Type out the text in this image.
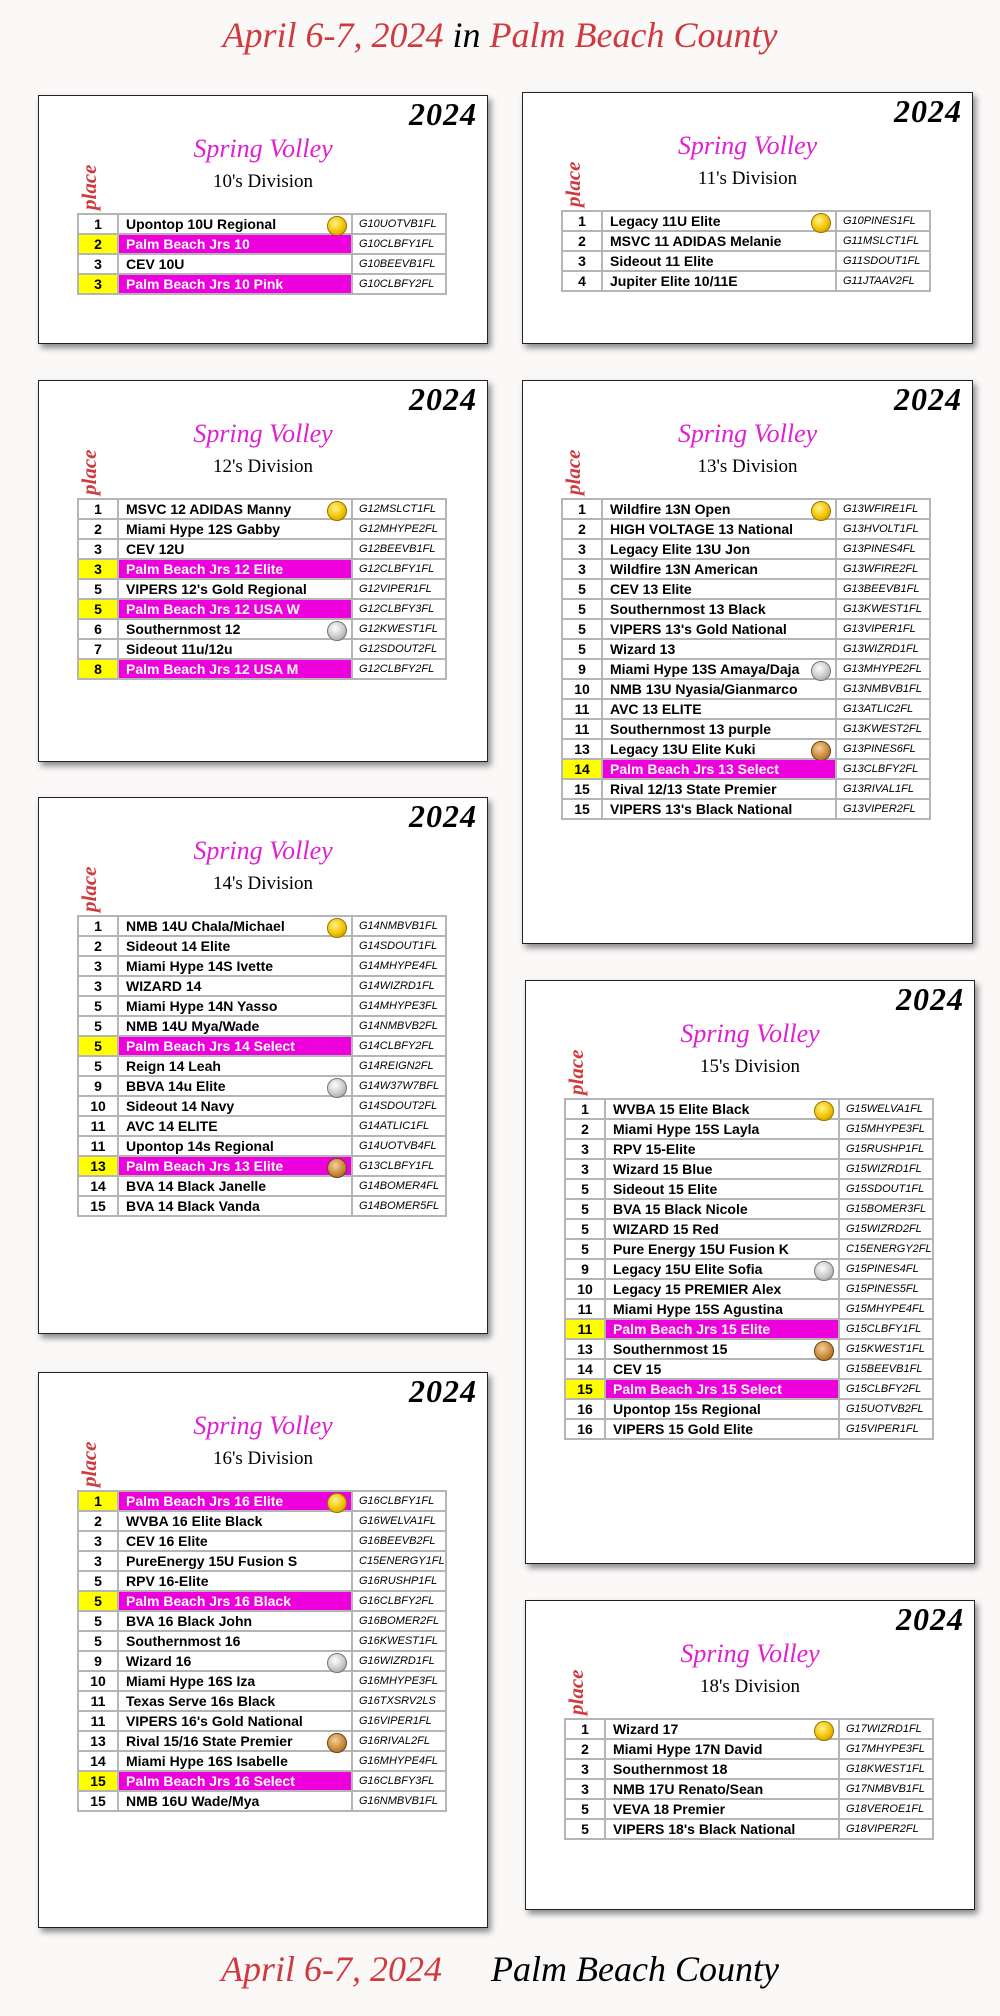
April 6-7, 2024 in Palm Beach County
2024
place
Spring Volley
10's Division
1	Upontop 10U Regional	G10UOTVB1FL
2	Palm Beach Jrs 10	G10CLBFY1FL
3	CEV 10U	G10BEEVB1FL
3	Palm Beach Jrs 10 Pink	G10CLBFY2FL
2024
place
Spring Volley
11's Division
1	Legacy 11U Elite	G10PINES1FL
2	MSVC 11 ADIDAS Melanie	G11MSLCT1FL
3	Sideout 11 Elite	G11SDOUT1FL
4	Jupiter Elite 10/11E	G11JTAAV2FL
2024
place
Spring Volley
12's Division
1	MSVC 12 ADIDAS Manny	G12MSLCT1FL
2	Miami Hype 12S Gabby	G12MHYPE2FL
3	CEV 12U	G12BEEVB1FL
3	Palm Beach Jrs 12 Elite	G12CLBFY1FL
5	VIPERS 12's Gold Regional	G12VIPER1FL
5	Palm Beach Jrs 12 USA W	G12CLBFY3FL
6	Southernmost 12	G12KWEST1FL
7	Sideout 11u/12u	G12SDOUT2FL
8	Palm Beach Jrs 12 USA M	G12CLBFY2FL
2024
place
Spring Volley
13's Division
1	Wildfire 13N Open	G13WFIRE1FL
2	HIGH VOLTAGE 13 National	G13HVOLT1FL
3	Legacy Elite 13U Jon	G13PINES4FL
3	Wildfire 13N American	G13WFIRE2FL
5	CEV 13 Elite	G13BEEVB1FL
5	Southernmost 13 Black	G13KWEST1FL
5	VIPERS 13's Gold National	G13VIPER1FL
5	Wizard 13	G13WIZRD1FL
9	Miami Hype 13S Amaya/Daja	G13MHYPE2FL
10	NMB 13U Nyasia/Gianmarco	G13NMBVB1FL
11	AVC 13 ELITE	G13ATLIC2FL
11	Southernmost 13 purple	G13KWEST2FL
13	Legacy 13U Elite Kuki	G13PINES6FL
14	Palm Beach Jrs 13 Select	G13CLBFY2FL
15	Rival 12/13 State Premier	G13RIVAL1FL
15	VIPERS 13's Black National	G13VIPER2FL
2024
place
Spring Volley
14's Division
1	NMB 14U Chala/Michael	G14NMBVB1FL
2	Sideout 14 Elite	G14SDOUT1FL
3	Miami Hype 14S Ivette	G14MHYPE4FL
3	WIZARD 14	G14WIZRD1FL
5	Miami Hype 14N Yasso	G14MHYPE3FL
5	NMB 14U Mya/Wade	G14NMBVB2FL
5	Palm Beach Jrs 14 Select	G14CLBFY2FL
5	Reign 14 Leah	G14REIGN2FL
9	BBVA 14u Elite	G14W37W7BFL
10	Sideout 14 Navy	G14SDOUT2FL
11	AVC 14 ELITE	G14ATLIC1FL
11	Upontop 14s Regional	G14UOTVB4FL
13	Palm Beach Jrs 13 Elite	G13CLBFY1FL
14	BVA 14 Black Janelle	G14BOMER4FL
15	BVA 14 Black Vanda	G14BOMER5FL
2024
place
Spring Volley
15's Division
1	WVBA 15 Elite Black	G15WELVA1FL
2	Miami Hype 15S Layla	G15MHYPE3FL
3	RPV 15-Elite	G15RUSHP1FL
3	Wizard 15 Blue	G15WIZRD1FL
5	Sideout 15 Elite	G15SDOUT1FL
5	BVA 15 Black Nicole	G15BOMER3FL
5	WIZARD 15 Red	G15WIZRD2FL
5	Pure Energy 15U Fusion K	C15ENERGY2FL
9	Legacy 15U Elite Sofia	G15PINES4FL
10	Legacy 15 PREMIER Alex	G15PINES5FL
11	Miami Hype 15S Agustina	G15MHYPE4FL
11	Palm Beach Jrs 15 Elite	G15CLBFY1FL
13	Southernmost 15	G15KWEST1FL
14	CEV 15	G15BEEVB1FL
15	Palm Beach Jrs 15 Select	G15CLBFY2FL
16	Upontop 15s Regional	G15UOTVB2FL
16	VIPERS 15 Gold Elite	G15VIPER1FL
2024
place
Spring Volley
16's Division
1	Palm Beach Jrs 16 Elite	G16CLBFY1FL
2	WVBA 16 Elite Black	G16WELVA1FL
3	CEV 16 Elite	G16BEEVB2FL
3	PureEnergy 15U Fusion S	C15ENERGY1FL
5	RPV 16-Elite	G16RUSHP1FL
5	Palm Beach Jrs 16 Black	G16CLBFY2FL
5	BVA 16 Black John	G16BOMER2FL
5	Southernmost 16	G16KWEST1FL
9	Wizard 16	G16WIZRD1FL
10	Miami Hype 16S Iza	G16MHYPE3FL
11	Texas Serve 16s Black	G16TXSRV2LS
11	VIPERS 16's Gold National	G16VIPER1FL
13	Rival 15/16 State Premier	G16RIVAL2FL
14	Miami Hype 16S Isabelle	G16MHYPE4FL
15	Palm Beach Jrs 16 Select	G16CLBFY3FL
15	NMB 16U Wade/Mya	G16NMBVB1FL
2024
place
Spring Volley
18's Division
1	Wizard 17	G17WIZRD1FL
2	Miami Hype 17N David	G17MHYPE3FL
3	Southernmost 18	G18KWEST1FL
3	NMB 17U Renato/Sean	G17NMBVB1FL
5	VEVA 18 Premier	G18VEROE1FL
5	VIPERS 18's Black National	G18VIPER2FL
April 6-7, 2024 Palm Beach County
